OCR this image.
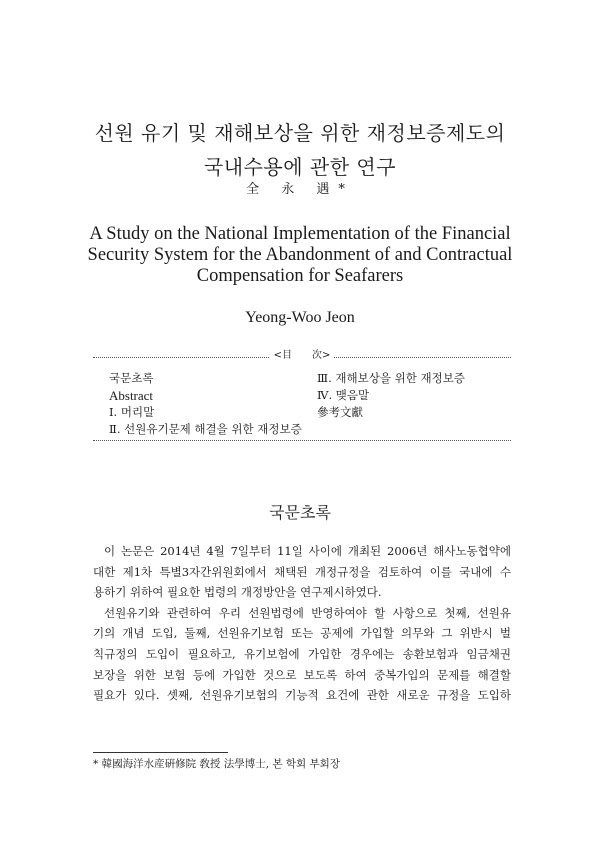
선원 유기 및 재해보상을 위한 재정보증제도의
국내수용에 관한 연구
全 永 遇*
A Study on the National Implementation of the Financial
Security System for the Abandonment of and Contractual
Compensation for Seafarers
Yeong-Woo Jeon
<目　　次>
국문초록
Abstract
Ⅰ. 머리말
Ⅱ. 선원유기문제 해결을 위한 재정보증
Ⅲ. 재해보상을 위한 재정보증
Ⅳ. 맺음말
參考文獻
국문초록
이 논문은 2014년 4월 7일부터 11일 사이에 개최된 2006년 해사노동협약에
대한 제1차 특별3자간위원회에서 채택된 개정규정을 검토하여 이를 국내에 수
용하기 위하여 필요한 법령의 개정방안을 연구제시하였다.
선원유기와 관련하여 우리 선원법령에 반영하여야 할 사항으로 첫째, 선원유
기의 개념 도입, 둘째, 선원유기보험 또는 공제에 가입할 의무와 그 위반시 벌
칙규정의 도입이 필요하고, 유기보험에 가입한 경우에는 송환보험과 임금채권
보장을 위한 보험 등에 가입한 것으로 보도록 하여 중복가입의 문제를 해결할
필요가 있다. 셋째, 선원유기보험의 기능적 요건에 관한 새로운 규정을 도입하
* 韓國海洋水産硏修院 敎授 法學博士, 본 학회 부회장
